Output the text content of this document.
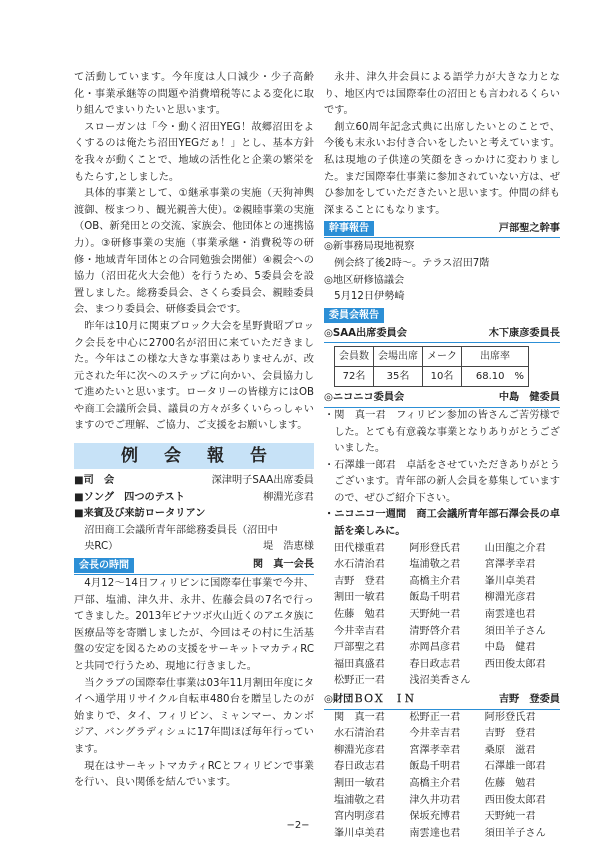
て活動しています。今年度は人口減少・少子高齢化・事業承継等の問題や消費増税等による変化に取り組んでまいりたいと思います。

スローガンは「今・動く沼田YEG！故郷沼田をよくするのは俺たち沼田YEGだぁ！」とし、基本方針を我々が動くことで、地域の活性化と企業の繁栄をもたらす,としました。

具体的事業として、①継承事業の実施（天狗神輿渡御、桜まつり、観光親善大使）。②親睦事業の実施（OB、新発田との交流、家族会、他団体との連携協力）。③研修事業の実施（事業承継・消費税等の研修・地域青年団体との合同勉強会開催）④親会への協力（沼田花火大会他）を行うため、5委員会を設置しました。総務委員会、さくら委員会、親睦委員会、まつり委員会、研修委員会です。

昨年は10月に関東ブロック大会を星野貴昭ブロック会長を中心に2700名が沼田に来ていただきました。今年はこの様な大きな事業はありませんが、改元された年に次へのステップに向かい、会員協力して進めたいと思います。ロータリーの皆様方にはOBや商工会議所会員、議員の方々が多くいらっしゃいますのでご理解、ご協力、ご支援をお願いします。

例会報告
■司　会	深津明子SAA出席委員
■ソング　四つのテスト	柳淵光彦君
■来賓及び来訪ロータリアン
沼田商工会議所青年部総務委員長（沼田中
央RC）	堤　浩恵様
会長の時間	関　真一会長

4月12～14日フィリピンに国際奉仕事業で今井、戸部、塩浦、津久井、永井、佐藤会員の7名で行ってきました。2013年ピナツボ火山近くのアエタ族に医療品等を寄贈しましたが、今回はその村に生活基盤の安定を図るための支援をサーキットマカティRCと共同で行うため、現地に行きました。

当クラブの国際奉仕事業は03年11月割田年度にタイへ通学用リサイクル自転車480台を贈呈したのが始まりで、タイ、フィリピン、ミャンマー、カンボジア、バングラディシュに17年間ほぼ毎年行っています。

現在はサーキットマカティRCとフィリピンで事業を行い、良い関係を結んでいます。

永井、津久井会員による語学力が大きな力となり、地区内では国際奉仕の沼田とも言われるくらいです。

創立60周年記念式典に出席したいとのことで、今後も末永いお付き合いをしたいと考えています。私は現地の子供達の笑顔をきっかけに変わりました。まだ国際奉仕事業に参加されていない方は、ぜひ参加をしていただきたいと思います。仲間の絆も深まることにもなります。

幹事報告	戸部聖之幹事
◎新事務局現地視察
　例会終了後2時～。テラス沼田7階
◎地区研修協議会
　5月12日伊勢崎
委員会報告
◎SAA出席委員会	木下康彦委員長
会員数	会場出席	メーク	出席率
72名	35名	10名	68.10　%
◎ニコニコ委員会	中島　健委員

・関　真一君　フィリピン参加の皆さんご苦労様でした。とても有意義な事業となりありがとうございました。

・石澤雄一郎君　卓話をさせていただきありがとうございます。青年部の新人会員を募集していますので、ぜひご紹介下さい。

・ニコニコ一週間　商工会議所青年部石澤会長の卓話を楽しみに。

田代様重君	阿形登氏君	山田龍之介君
水石清治君	塩浦敬之君	宮澤孝幸君
吉野　登君	高橋主介君	峯川卓美君
割田一敏君	飯島千明君	柳淵光彦君
佐藤　勉君	天野純一君	南雲達也君
今井幸吉君	清野啓介君	須田羊子さん
戸部聖之君	赤岡昌彦君	中島　健君
福田真盛君	春日政志君	西田俊太郎君
松野正一君	浅沼美香さん
◎財団ＢＯＸ　ＩＮ	吉野　登委員
関　真一君	松野正一君	阿形登氏君
水石清治君	今井幸吉君	吉野　登君
柳淵光彦君	宮澤孝幸君	桑原　滋君
春日政志君	飯島千明君	石澤雄一郎君
割田一敏君	高橋主介君	佐藤　勉君
塩浦敬之君	津久井功君	西田俊太郎君
宮内明彦君	保坂充博君	天野純一君
峯川卓美君	南雲達也君	須田羊子さん
−2−
